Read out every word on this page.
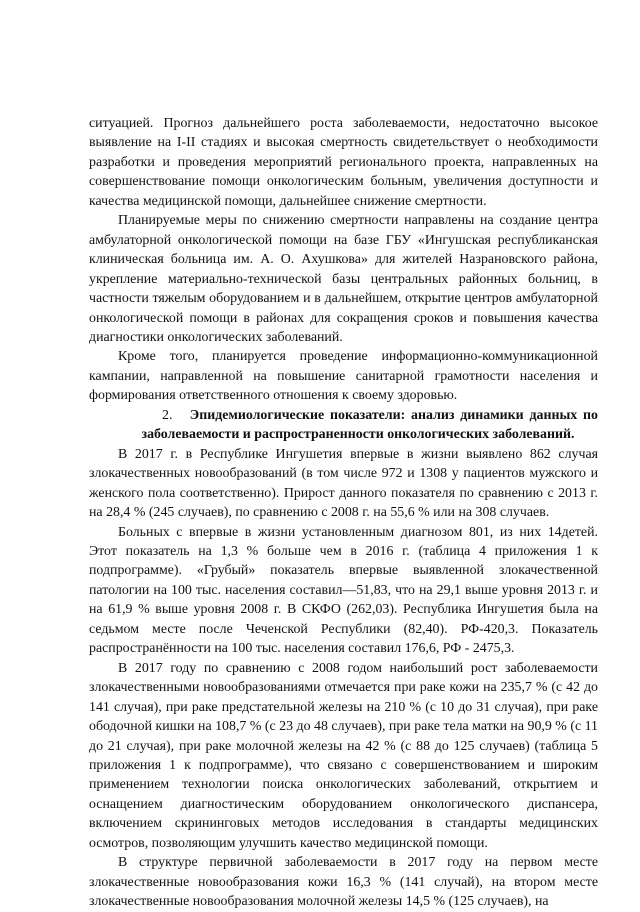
ситуацией. Прогноз дальнейшего роста заболеваемости, недостаточно высокое выявление на I-II стадиях и высокая смертность свидетельствует о необходимости разработки и проведения мероприятий регионального проекта, направленных на совершенствование помощи онкологическим больным, увеличения доступности и качества медицинской помощи, дальнейшее снижение смертности.

Планируемые меры по снижению смертности направлены на создание центра амбулаторной онкологической помощи на базе ГБУ «Ингушская республиканская клиническая больница им. А. О. Ахушкова» для жителей Назрановского района, укрепление материально-технической базы центральных районных больниц, в частности тяжелым оборудованием и в дальнейшем, открытие центров амбулаторной онкологической помощи в районах для сокращения сроков и повышения качества диагностики онкологических заболеваний.

Кроме того, планируется проведение информационно-коммуникационной кампании, направленной на повышение санитарной грамотности населения и формирования ответственного отношения к своему здоровью.

2. Эпидемиологические показатели: анализ динамики данных по заболеваемости и распространенности онкологических заболеваний.

В 2017 г. в Республике Ингушетия впервые в жизни выявлено 862 случая злокачественных новообразований (в том числе 972 и 1308 у пациентов мужского и женского пола соответственно). Прирост данного показателя по сравнению с 2013 г. на 28,4 % (245 случаев), по сравнению с 2008 г. на 55,6 % или на 308 случаев.

Больных с впервые в жизни установленным диагнозом 801, из них 14детей. Этот показатель на 1,3 % больше чем в 2016 г. (таблица 4 приложения 1 к подпрограмме). «Грубый» показатель впервые выявленной злокачественной патологии на 100 тыс. населения составил—51,83, что на 29,1 выше уровня 2013 г. и на 61,9 % выше уровня 2008 г. В СКФО (262,03). Республика Ингушетия была на седьмом месте после Чеченской Республики (82,40). РФ-420,3. Показатель распространённости на 100 тыс. населения составил 176,6, РФ - 2475,3.

В 2017 году по сравнению с 2008 годом наибольший рост заболеваемости злокачественными новообразованиями отмечается при раке кожи на 235,7 % (с 42 до 141 случая), при раке предстательной железы на 210 % (с 10 до 31 случая), при раке ободочной кишки на 108,7 % (с 23 до 48 случаев), при раке тела матки на 90,9 % (с 11 до 21 случая), при раке молочной железы на 42 % (с 88 до 125 случаев) (таблица 5 приложения 1 к подпрограмме), что связано с совершенствованием и широким применением технологии поиска онкологических заболеваний, открытием и оснащением диагностическим оборудованием онкологического диспансера, включением скрининговых методов исследования в стандарты медицинских осмотров, позволяющим улучшить качество медицинской помощи.

В структуре первичной заболеваемости в 2017 году на первом месте злокачественные новообразования кожи 16,3 % (141 случай), на втором месте злокачественные новообразования молочной железы 14,5 % (125 случаев), на
